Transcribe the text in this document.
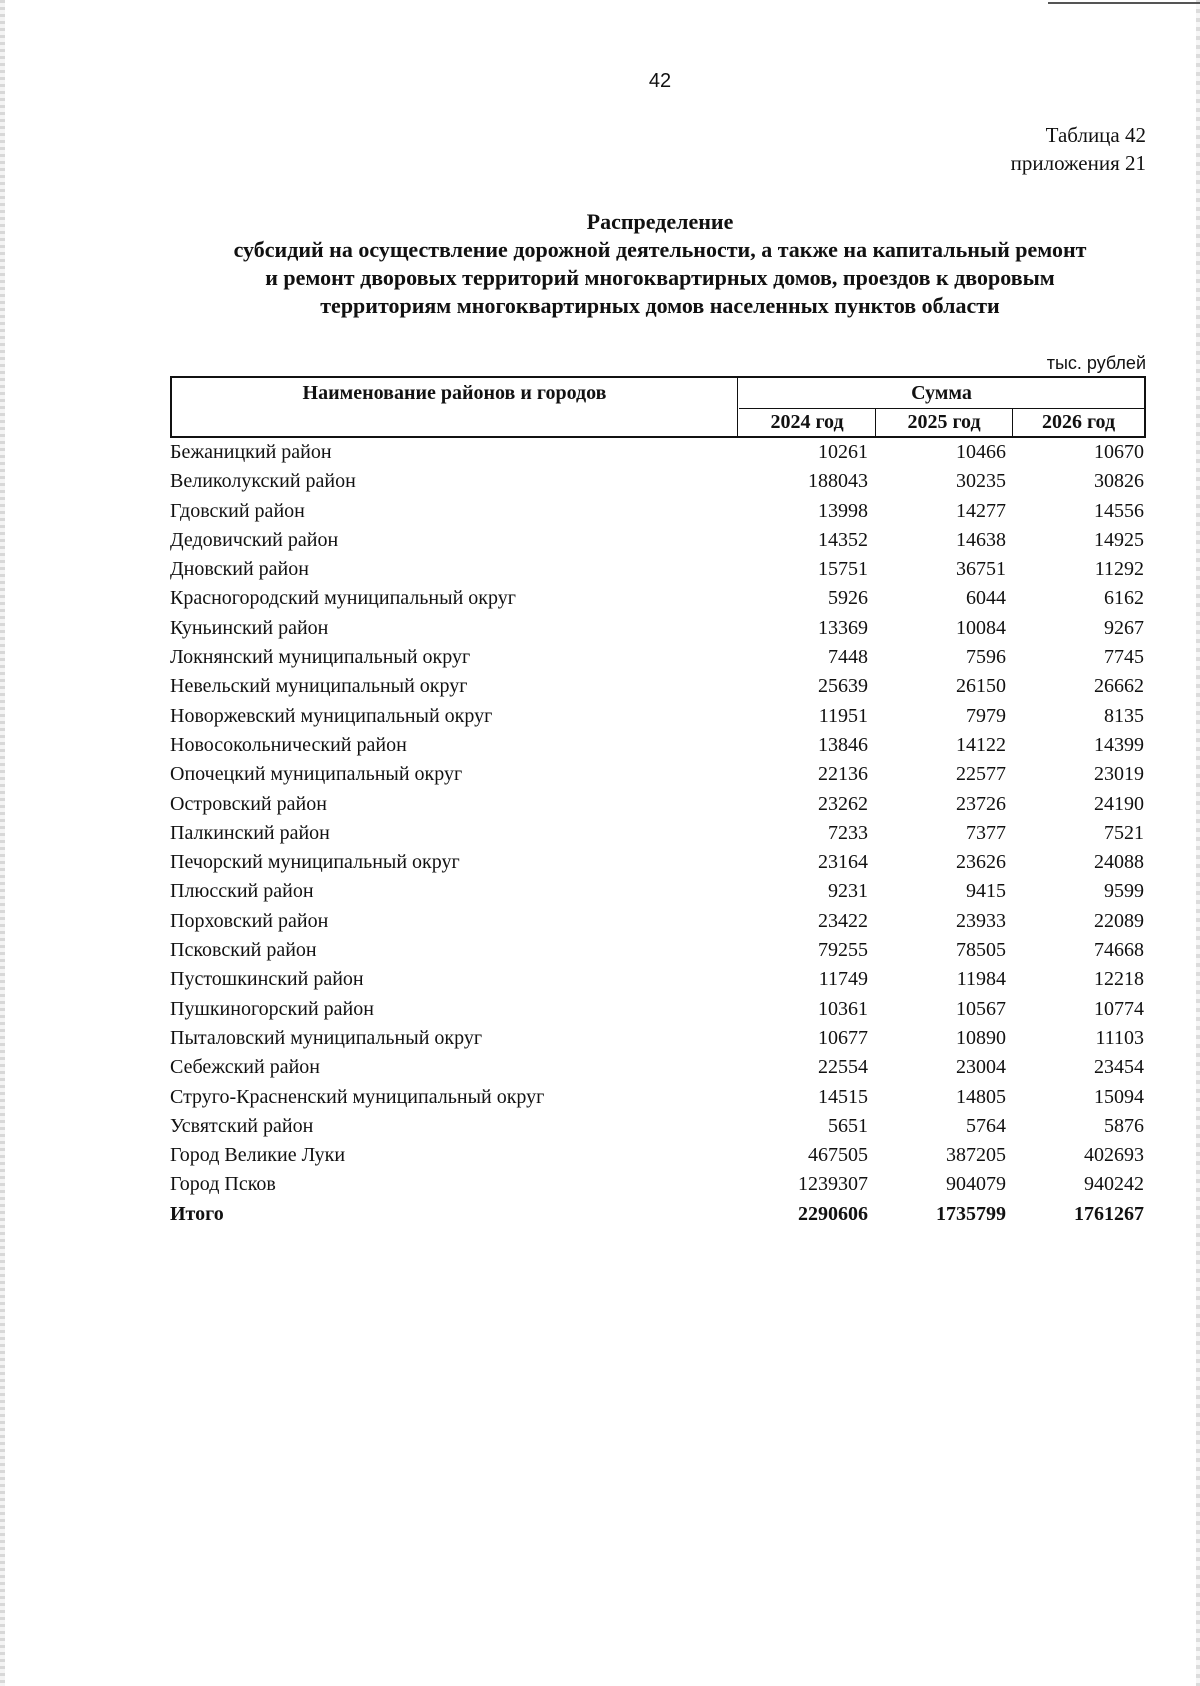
42
Таблица 42
приложения 21
Распределение
субсидий на осуществление дорожной деятельности, а также на капитальный ремонт
и ремонт дворовых территорий многоквартирных домов, проездов к дворовым
территориям многоквартирных домов населенных пунктов области
тыс. рублей
Наименование районов и городов	Сумма
2024 год	2025 год	2026 год
Бежаницкий район	10261	10466	10670
Великолукский район	188043	30235	30826
Гдовский район	13998	14277	14556
Дедовичский район	14352	14638	14925
Дновский район	15751	36751	11292
Красногородский муниципальный округ	5926	6044	6162
Куньинский район	13369	10084	9267
Локнянский муниципальный округ	7448	7596	7745
Невельский муниципальный округ	25639	26150	26662
Новоржевский муниципальный округ	11951	7979	8135
Новосокольнический район	13846	14122	14399
Опочецкий муниципальный округ	22136	22577	23019
Островский район	23262	23726	24190
Палкинский район	7233	7377	7521
Печорский муниципальный округ	23164	23626	24088
Плюсский район	9231	9415	9599
Порховский район	23422	23933	22089
Псковский район	79255	78505	74668
Пустошкинский район	11749	11984	12218
Пушкиногорский район	10361	10567	10774
Пыталовский муниципальный округ	10677	10890	11103
Себежский район	22554	23004	23454
Струго-Красненский муниципальный округ	14515	14805	15094
Усвятский район	5651	5764	5876
Город Великие Луки	467505	387205	402693
Город Псков	1239307	904079	940242
Итого	2290606	1735799	1761267
